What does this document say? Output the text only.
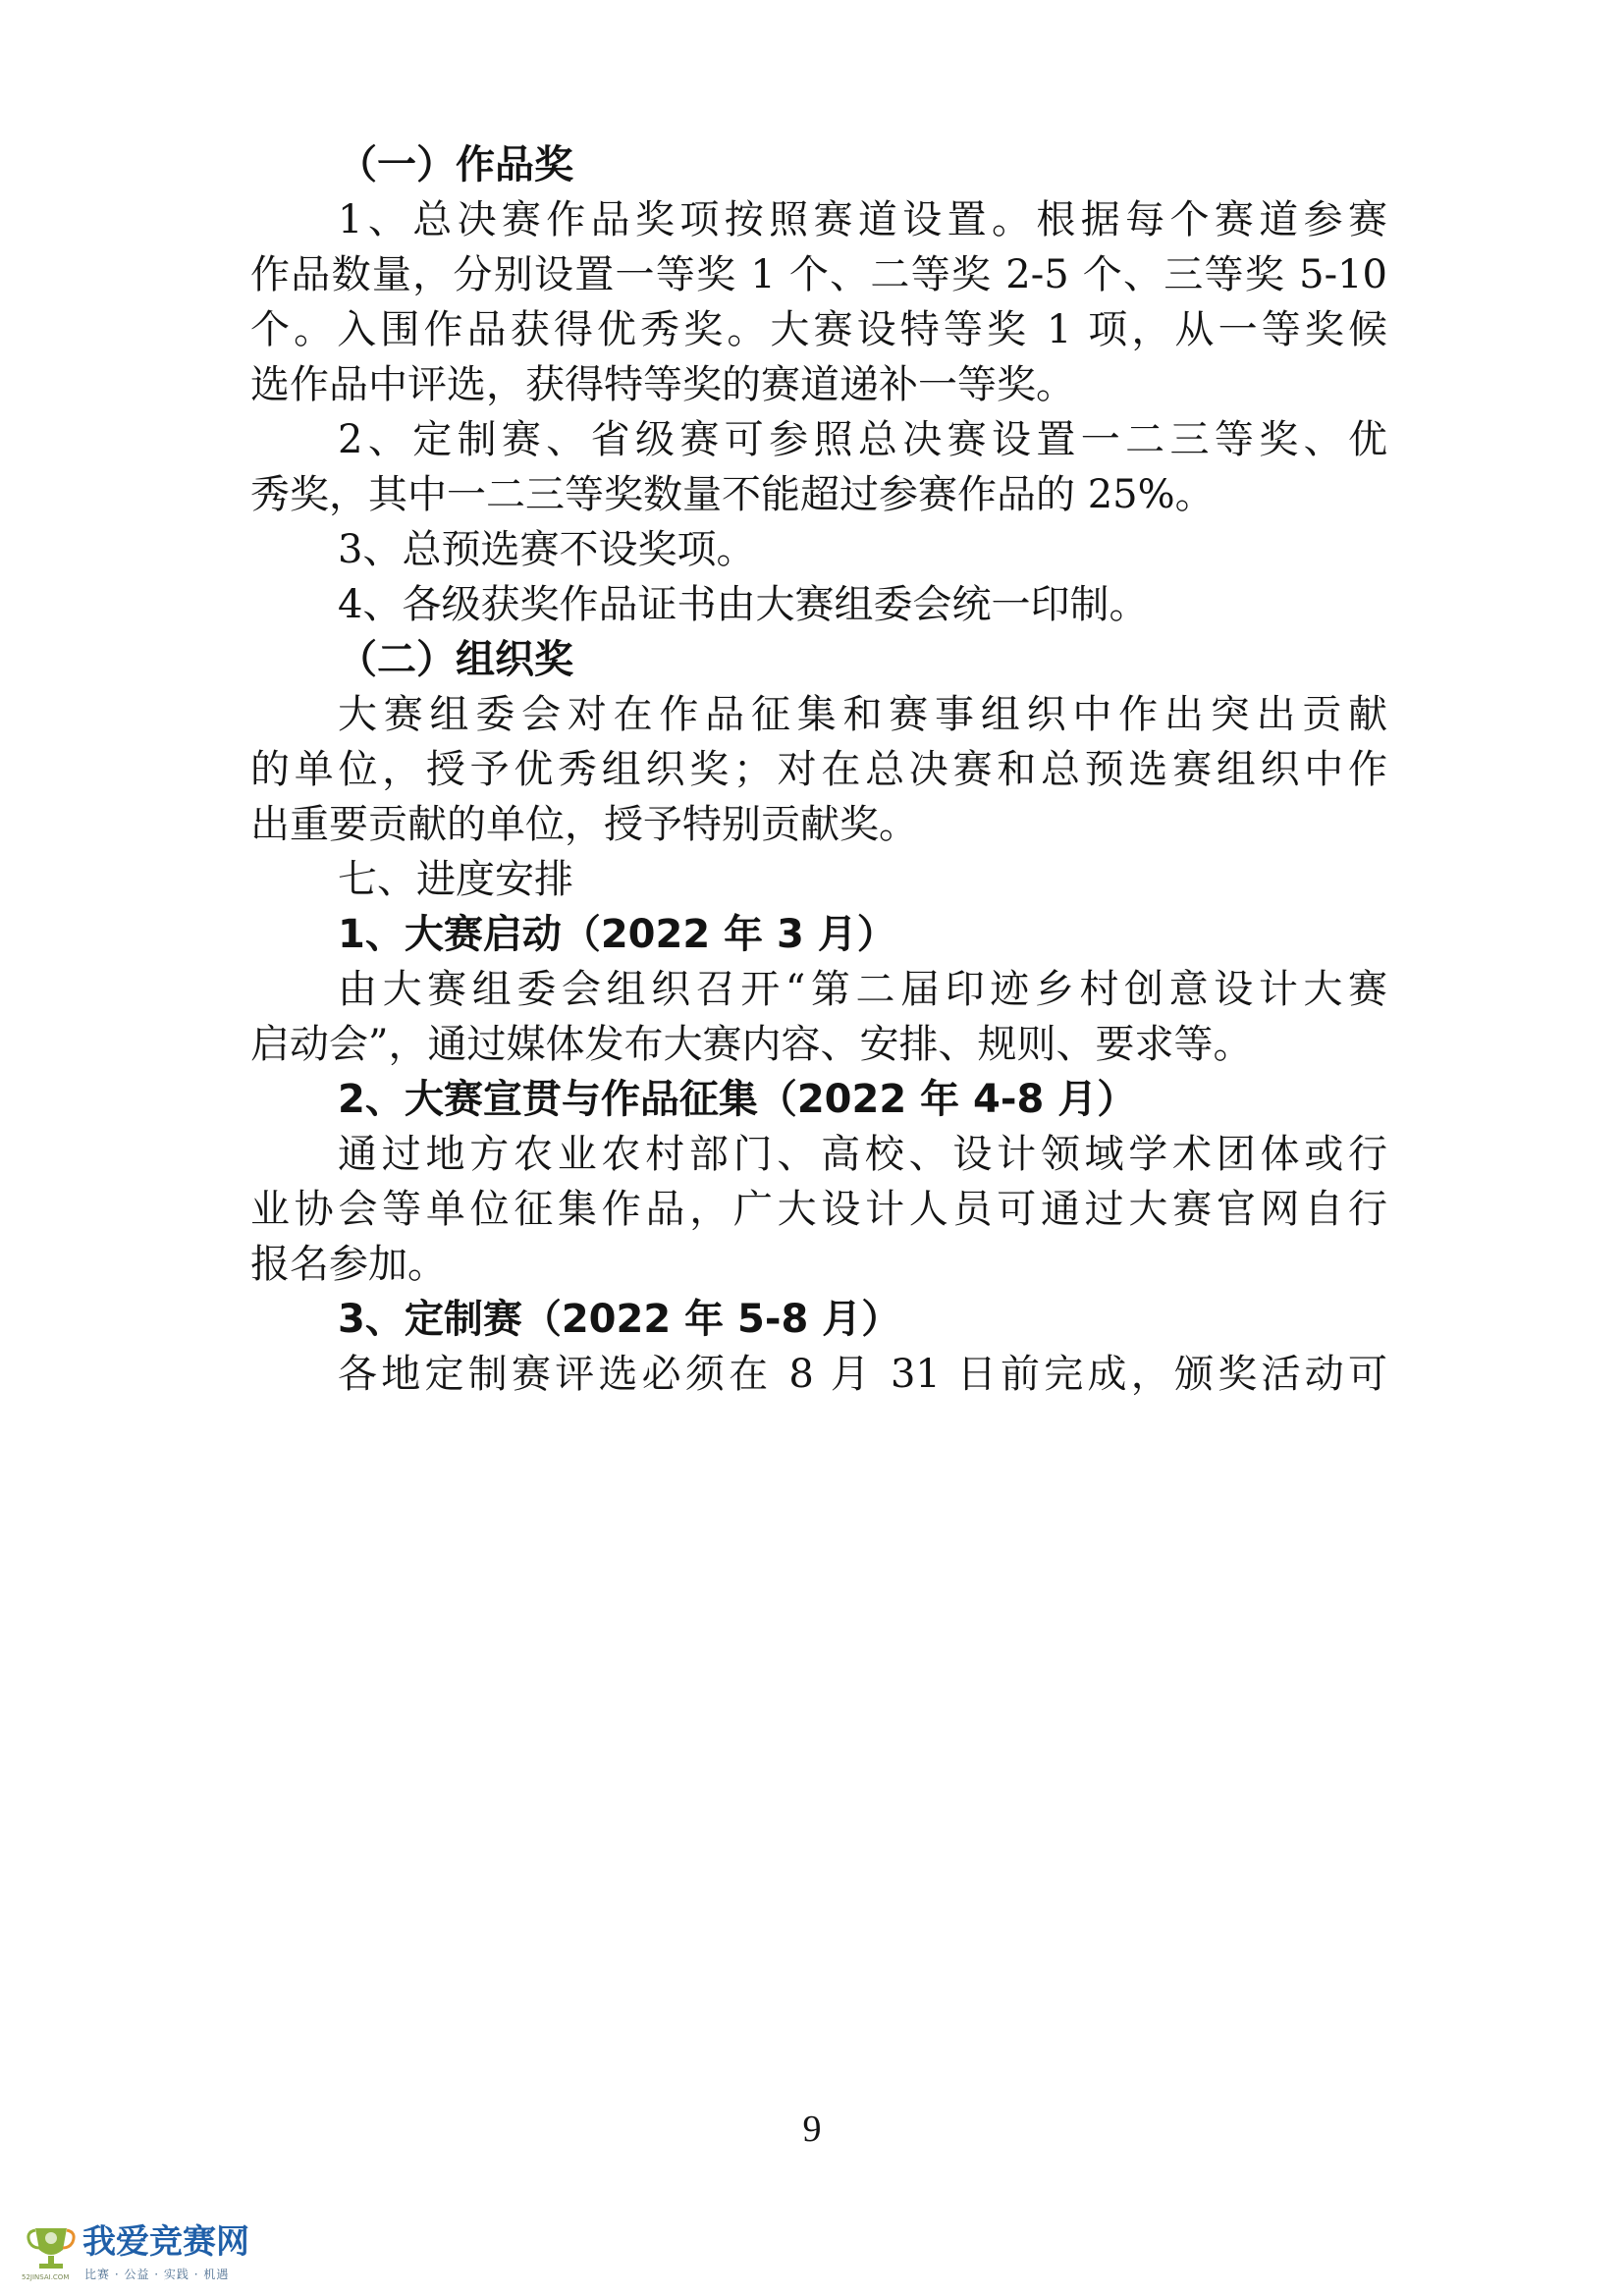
（一）作品奖
1、总决赛作品奖项按照赛道设置。根据每个赛道参赛
作品数量，分别设置一等奖 1 个、二等奖 2-5 个、三等奖 5-10
个。入围作品获得优秀奖。大赛设特等奖 1 项，从一等奖候
选作品中评选，获得特等奖的赛道递补一等奖。
2、定制赛、省级赛可参照总决赛设置一二三等奖、优
秀奖，其中一二三等奖数量不能超过参赛作品的 25%。
3、总预选赛不设奖项。
4、各级获奖作品证书由大赛组委会统一印制。
（二）组织奖
大赛组委会对在作品征集和赛事组织中作出突出贡献
的单位，授予优秀组织奖；对在总决赛和总预选赛组织中作
出重要贡献的单位，授予特别贡献奖。
七、进度安排
1、大赛启动（2022 年 3 月）
由大赛组委会组织召开“第二届印迹乡村创意设计大赛
启动会”，通过媒体发布大赛内容、安排、规则、要求等。
2、大赛宣贯与作品征集（2022 年 4-8 月）
通过地方农业农村部门、高校、设计领域学术团体或行
业协会等单位征集作品，广大设计人员可通过大赛官网自行
报名参加。
3、定制赛（2022 年 5-8 月）
各地定制赛评选必须在 8 月 31 日前完成，颁奖活动可
9
我爱竞赛网
比赛 · 公益 · 实践 · 机遇
52JINSAI.COM
